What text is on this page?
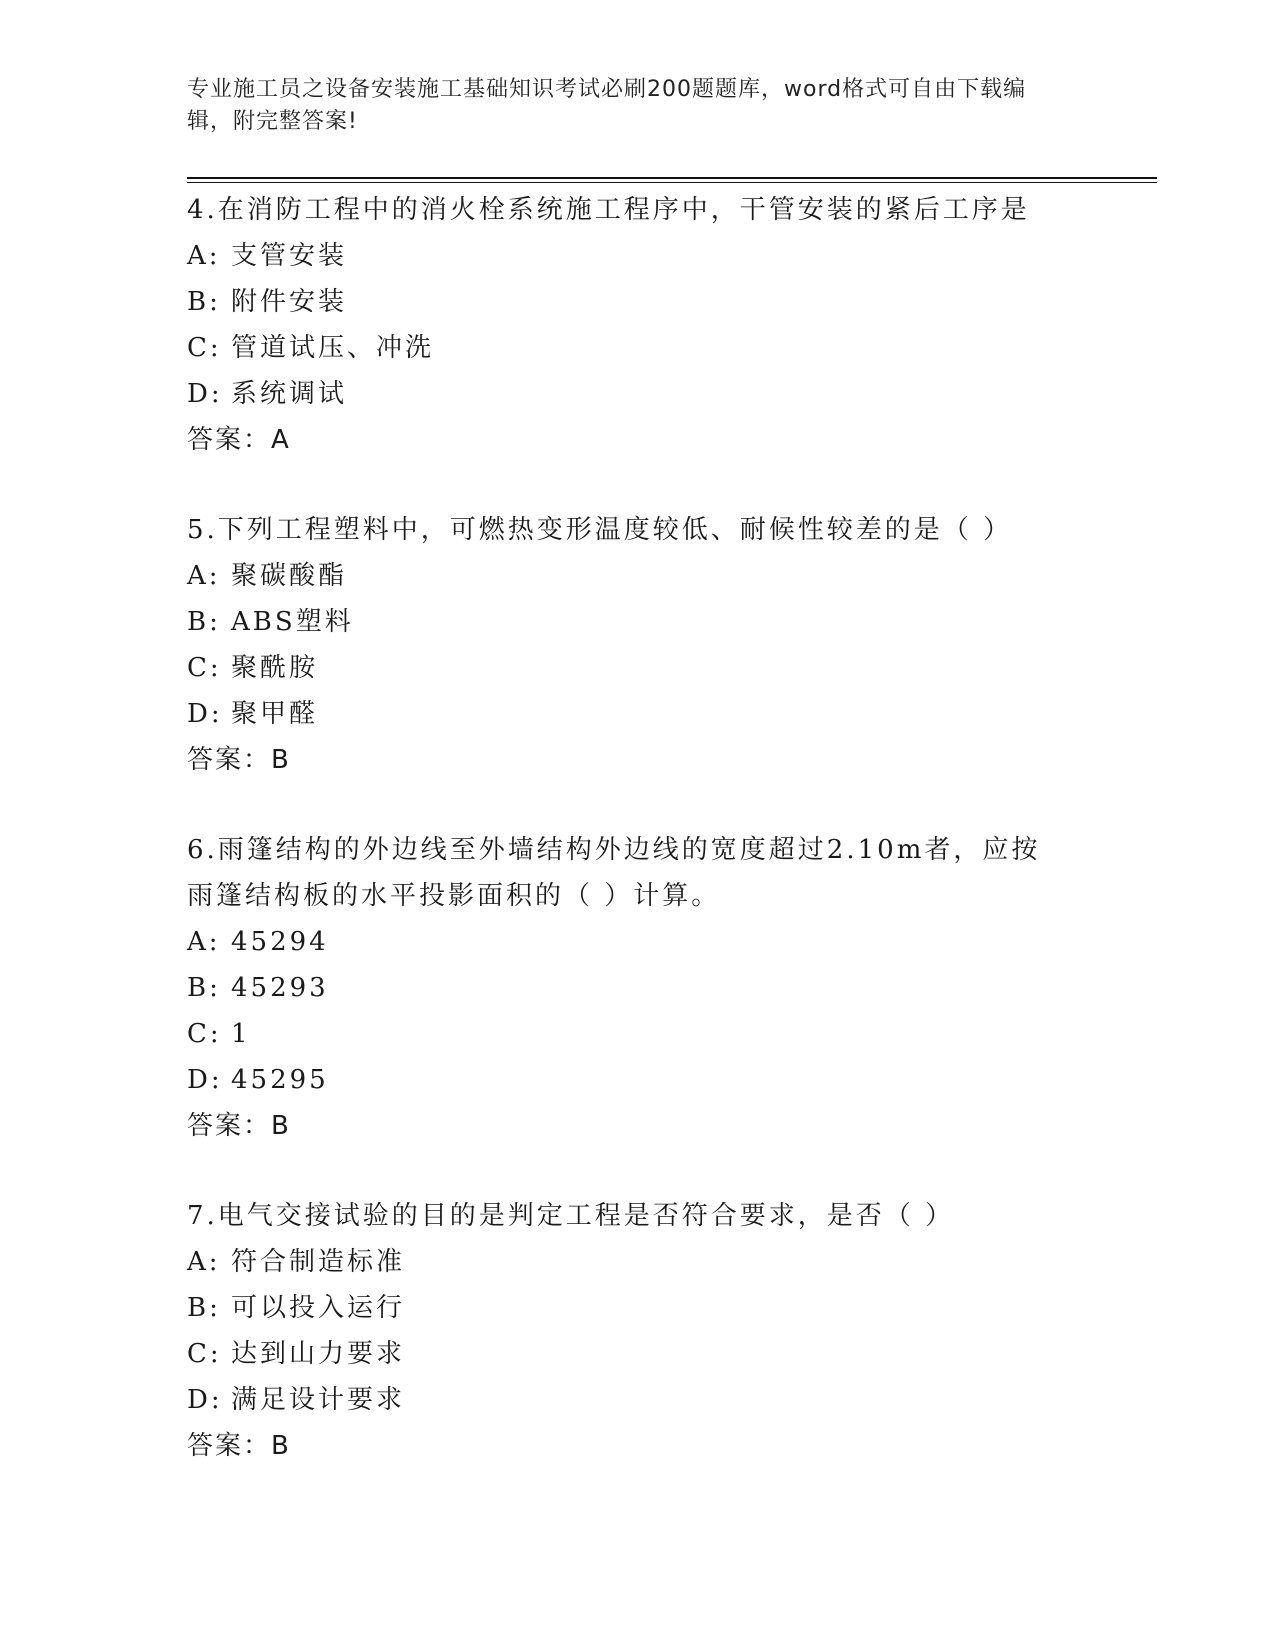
专业施工员之设备安装施工基础知识考试必刷200题题库，word格式可自由下载编辑，附完整答案!
4.在消防工程中的消火栓系统施工程序中，干管安装的紧后工序是
A: 支管安装
B: 附件安装
C: 管道试压、冲洗
D: 系统调试
答案：A
5.下列工程塑料中，可燃热变形温度较低、耐候性较差的是（ ）
A: 聚碳酸酯
B: ABS塑料
C: 聚酰胺
D: 聚甲醛
答案：B
6.雨篷结构的外边线至外墙结构外边线的宽度超过2.10m者，应按雨篷结构板的水平投影面积的（ ）计算。
A: 45294
B: 45293
C: 1
D: 45295
答案：B
7.电气交接试验的目的是判定工程是否符合要求，是否（ ）
A: 符合制造标准
B: 可以投入运行
C: 达到山力要求
D: 满足设计要求
答案：B
